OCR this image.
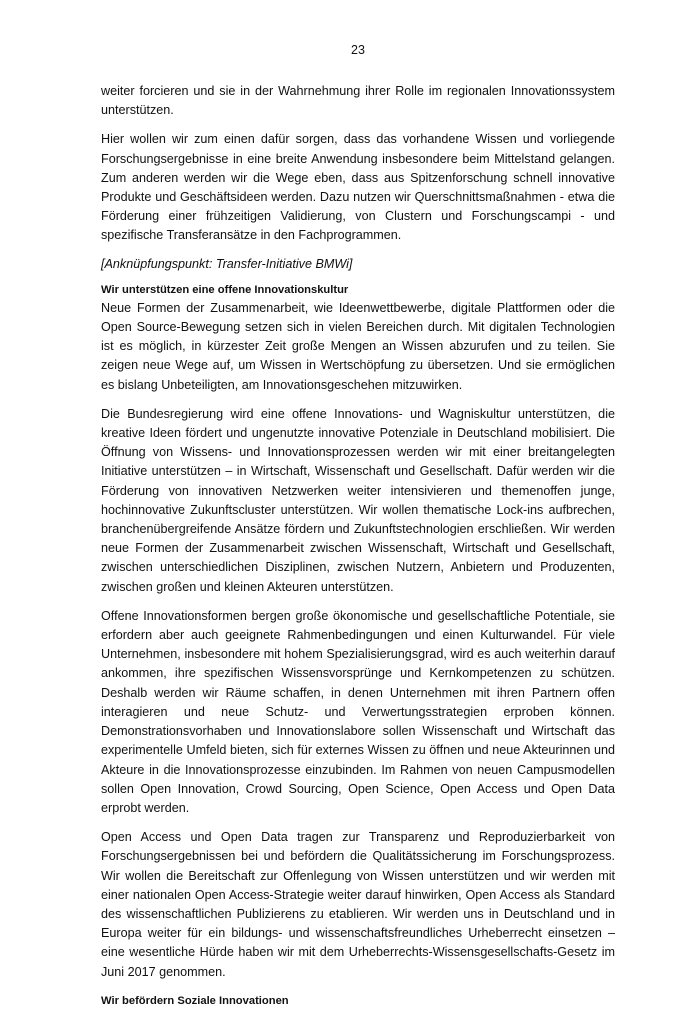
23

weiter forcieren und sie in der Wahrnehmung ihrer Rolle im regionalen Innovationssystem unterstützen.

Hier wollen wir zum einen dafür sorgen, dass das vorhandene Wissen und vorliegende Forschungsergebnisse in eine breite Anwendung insbesondere beim Mittelstand gelangen. Zum anderen werden wir die Wege eben, dass aus Spitzenforschung schnell innovative Produkte und Geschäftsideen werden. Dazu nutzen wir Querschnittsmaßnahmen - etwa die Förderung einer frühzeitigen Validierung, von Clustern und Forschungscampi - und spezifische Transferansätze in den Fachprogrammen.

[Anknüpfungspunkt: Transfer-Initiative BMWi]

Wir unterstützen eine offene Innovationskultur

Neue Formen der Zusammenarbeit, wie Ideenwettbewerbe, digitale Plattformen oder die Open Source-Bewegung setzen sich in vielen Bereichen durch. Mit digitalen Technologien ist es möglich, in kürzester Zeit große Mengen an Wissen abzurufen und zu teilen. Sie zeigen neue Wege auf, um Wissen in Wertschöpfung zu übersetzen. Und sie ermöglichen es bislang Unbeteiligten, am Innovationsgeschehen mitzuwirken.

Die Bundesregierung wird eine offene Innovations- und Wagniskultur unterstützen, die kreative Ideen fördert und ungenutzte innovative Potenziale in Deutschland mobilisiert. Die Öffnung von Wissens- und Innovationsprozessen werden wir mit einer breitangelegten Initiative unterstützen – in Wirtschaft, Wissenschaft und Gesellschaft. Dafür werden wir die Förderung von innovativen Netzwerken weiter intensivieren und themenoffen junge, hochinnovative Zukunftscluster unterstützen. Wir wollen thematische Lock-ins aufbrechen, branchenübergreifende Ansätze fördern und Zukunftstechnologien erschließen. Wir werden neue Formen der Zusammenarbeit zwischen Wissenschaft, Wirtschaft und Gesellschaft, zwischen unterschiedlichen Disziplinen, zwischen Nutzern, Anbietern und Produzenten, zwischen großen und kleinen Akteuren unterstützen.

Offene Innovationsformen bergen große ökonomische und gesellschaftliche Potentiale, sie erfordern aber auch geeignete Rahmenbedingungen und einen Kulturwandel. Für viele Unternehmen, insbesondere mit hohem Spezialisierungsgrad, wird es auch weiterhin darauf ankommen, ihre spezifischen Wissensvorsprünge und Kernkompetenzen zu schützen. Deshalb werden wir Räume schaffen, in denen Unternehmen mit ihren Partnern offen interagieren und neue Schutz- und Verwertungsstrategien erproben können. Demonstrationsvorhaben und Innovationslabore sollen Wissenschaft und Wirtschaft das experimentelle Umfeld bieten, sich für externes Wissen zu öffnen und neue Akteurinnen und Akteure in die Innovationsprozesse einzubinden. Im Rahmen von neuen Campusmodellen sollen Open Innovation, Crowd Sourcing, Open Science, Open Access und Open Data erprobt werden.

Open Access und Open Data tragen zur Transparenz und Reproduzierbarkeit von Forschungsergebnissen bei und befördern die Qualitätssicherung im Forschungsprozess. Wir wollen die Bereitschaft zur Offenlegung von Wissen unterstützen und wir werden mit einer nationalen Open Access-Strategie weiter darauf hinwirken, Open Access als Standard des wissenschaftlichen Publizierens zu etablieren. Wir werden uns in Deutschland und in Europa weiter für ein bildungs- und wissenschaftsfreundliches Urheberrecht einsetzen – eine wesentliche Hürde haben wir mit dem Urheberrechts-Wissensgesellschafts-Gesetz im Juni 2017 genommen.

Wir befördern Soziale Innovationen
